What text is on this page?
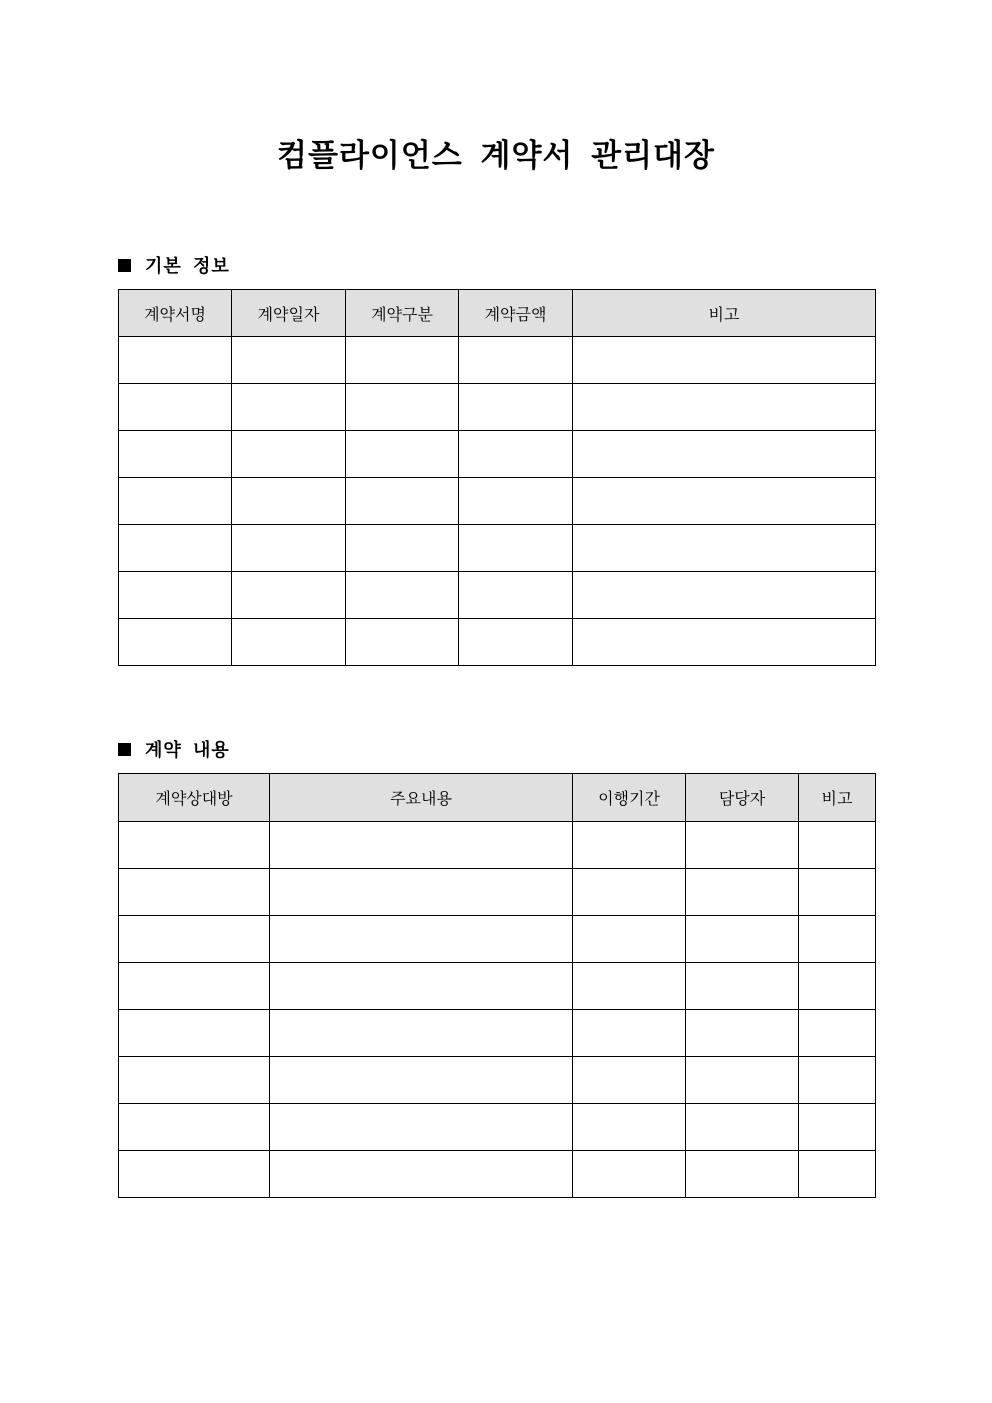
컴플라이언스 계약서 관리대장
기본 정보
계약서명	계약일자	계약구분	계약금액	비고

계약 내용
계약상대방	주요내용	이행기간	담당자	비고
